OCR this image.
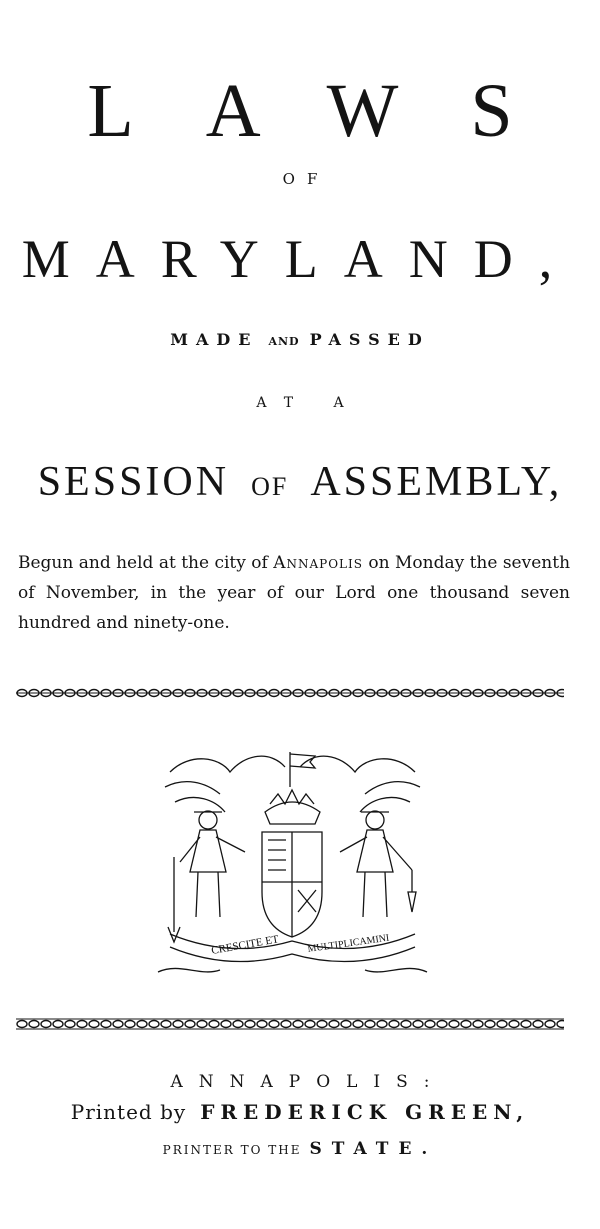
LAWS
OF
MARYLAND,
MADE AND PASSED
AT A
SESSION OF ASSEMBLY,
Begun and held at the city of Annapolis on Monday the seventh of November, in the year of our Lord one thousand seven hundred and ninety-one.
CRESCITE ET	MULTIPLICAMINI
ANNAPOLIS:
Printed by FREDERICK GREEN,
PRINTER TO THE STATE.
